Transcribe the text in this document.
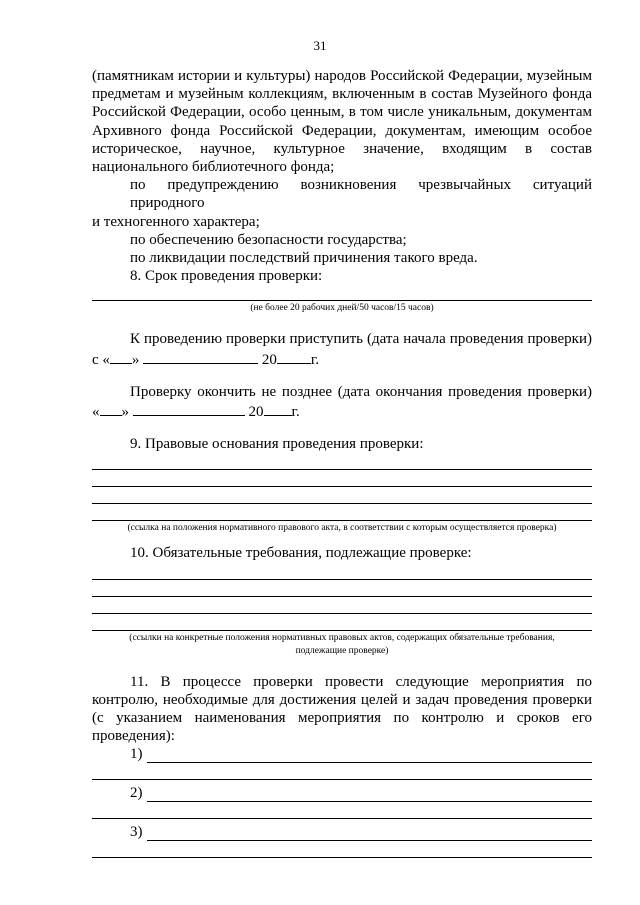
31
(памятникам истории и культуры) народов Российской Федерации, музейным
предметам и музейным коллекциям, включенным в состав Музейного фонда
Российской Федерации, особо ценным, в том числе уникальным, документам
Архивного фонда Российской Федерации, документам, имеющим особое
историческое, научное, культурное значение, входящим в состав
национального библиотечного фонда;
по предупреждению возникновения чрезвычайных ситуаций природного
и техногенного характера;

по обеспечению безопасности государства;

по ликвидации последствий причинения такого вреда.

8. Срок проведения проверки:

(не более 20 рабочих дней/50 часов/15 часов)
К проведению проверки приступить (дата начала проведения проверки)
с « »	20 г.
Проверку окончить не позднее (дата окончания проведения проверки)
« »	20 г.

9. Правовые основания проведения проверки:

(ссылка на положения нормативного правового акта, в соответствии с которым осуществляется проверка)

10. Обязательные требования, подлежащие проверке:

(ссылки на конкретные положения нормативных правовых актов, содержащих обязательные требования,
подлежащие проверке)
11. В процессе проверки провести следующие мероприятия по
контролю, необходимые для достижения целей и задач проведения проверки
(с указанием наименования мероприятия по контролю и сроков его
проведения):
1)
2)
3)
